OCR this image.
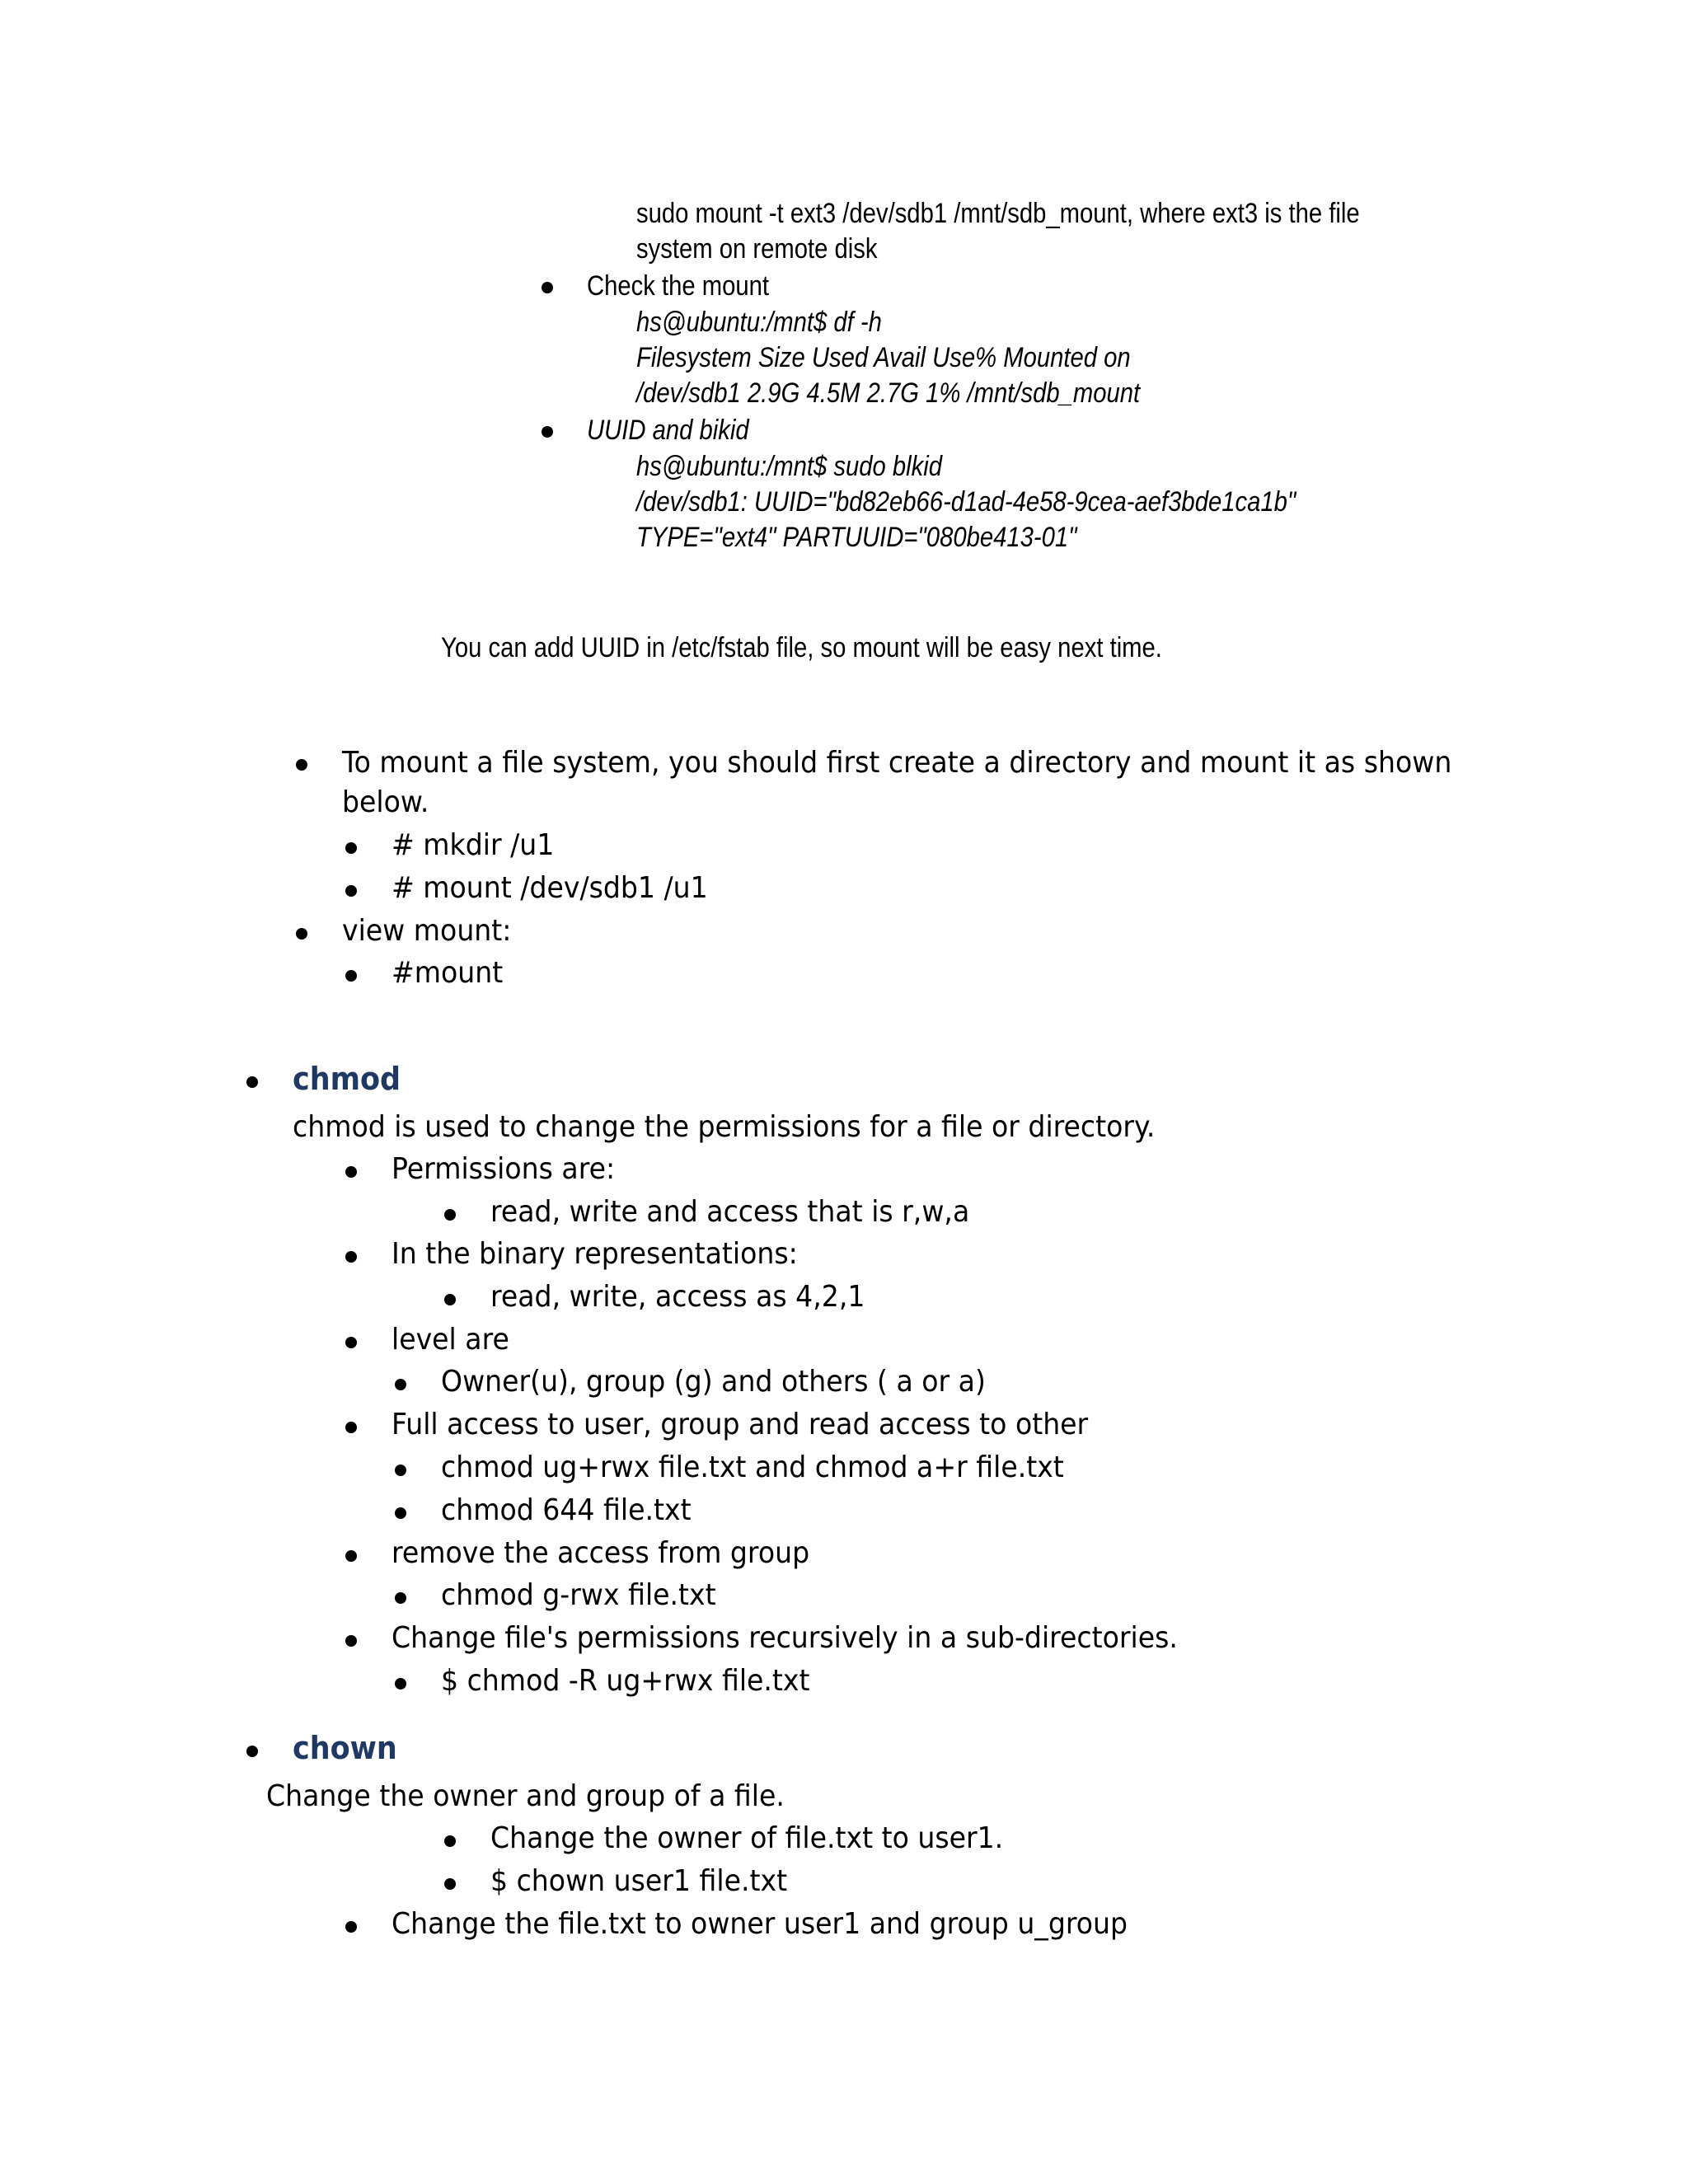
sudo mount -t ext3 /dev/sdb1 /mnt/sdb_mount, where ext3 is the file
system on remote disk
Check the mount
hs@ubuntu:/mnt$ df -h
Filesystem Size Used Avail Use% Mounted on
/dev/sdb1 2.9G 4.5M 2.7G 1% /mnt/sdb_mount
UUID and bikid
hs@ubuntu:/mnt$ sudo blkid
/dev/sdb1: UUID="bd82eb66-d1ad-4e58-9cea-aef3bde1ca1b"
TYPE="ext4" PARTUUID="080be413-01"
You can add UUID in /etc/fstab file, so mount will be easy next time.
To mount a file system, you should first create a directory and mount it as shown
below.
# mkdir /u1
# mount /dev/sdb1 /u1
view mount:
#mount
chmod
chmod is used to change the permissions for a file or directory.
Permissions are:
read, write and access that is r,w,a
In the binary representations:
read, write, access as 4,2,1
level are
Owner(u), group (g) and others ( a or a)
Full access to user, group and read access to other
chmod ug+rwx file.txt and chmod a+r file.txt
chmod 644 file.txt
remove the access from group
chmod g-rwx file.txt
Change file's permissions recursively in a sub-directories.
$ chmod -R ug+rwx file.txt
chown
Change the owner and group of a file.
Change the owner of file.txt to user1.
$ chown user1 file.txt
Change the file.txt to owner user1 and group u_group
